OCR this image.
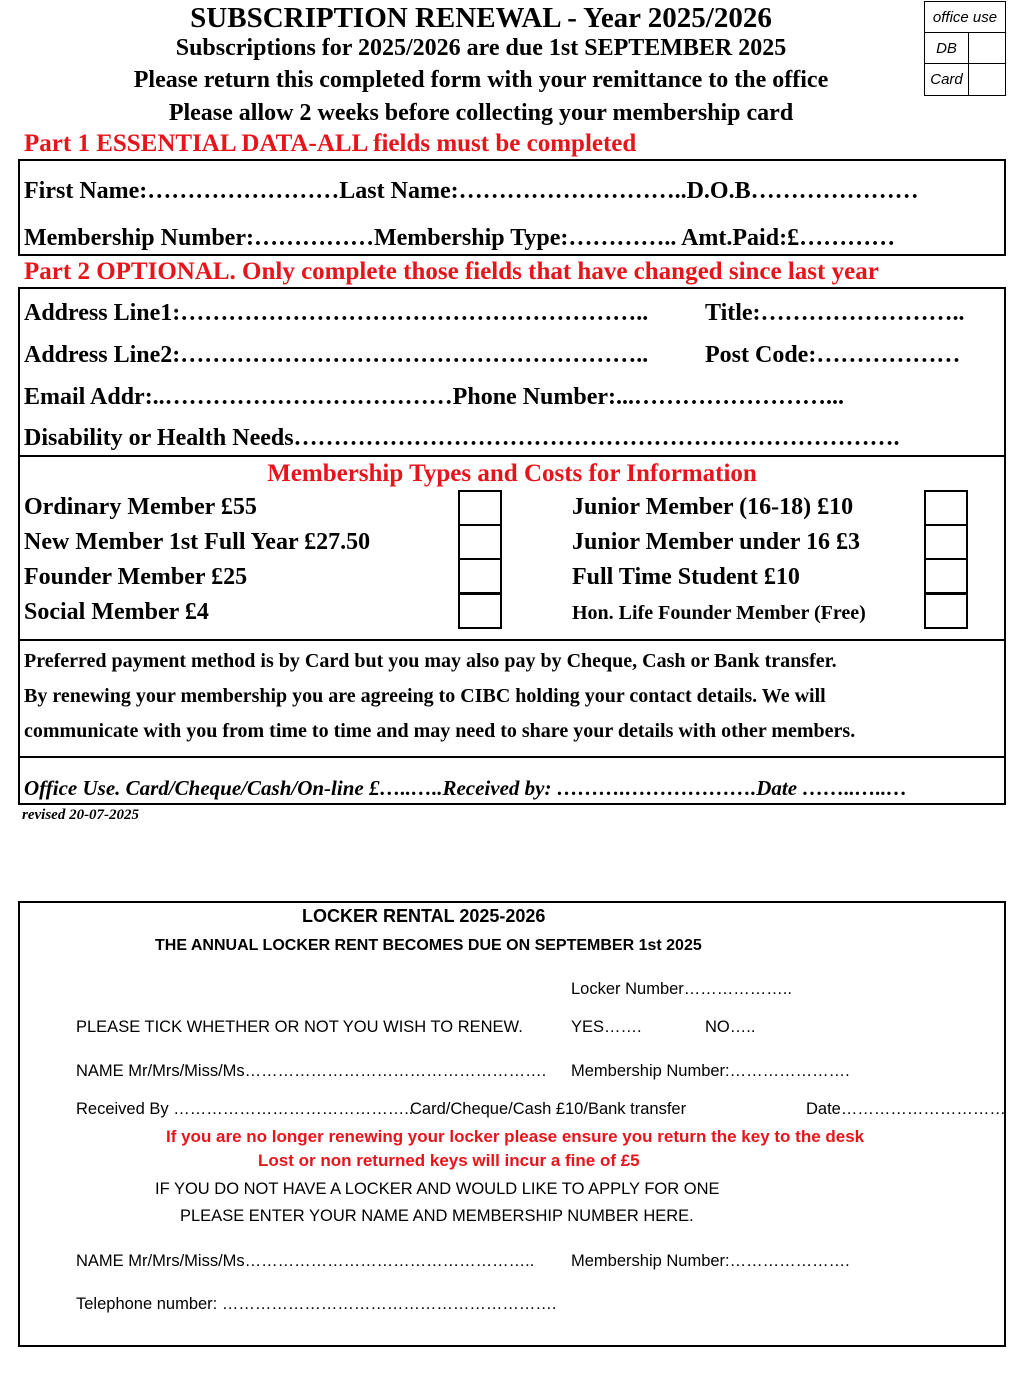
office use
DB
Card
SUBSCRIPTION RENEWAL - Year 2025/2026
Subscriptions for 2025/2026 are due 1st SEPTEMBER 2025
Please return this completed form with your remittance to the office
Please allow 2 weeks before collecting your membership card
Part 1 ESSENTIAL DATA-ALL fields must be completed
First Name:……………………Last Name:………………………..D.O.B…………………
Membership Number:……………Membership Type:………….. Amt.Paid:£…………
Part 2 OPTIONAL. Only complete those fields that have changed since last year
Address Line1:………………………………………………….. Title:……………………..
Address Line2:………………………………………………….. Post Code:………………
Email Addr:..………………………………Phone Number:...……………………...
Disability or Health Needs………………………………………………………………….
Membership Types and Costs for Information
Ordinary Member £55
New Member 1st Full Year £27.50
Founder Member £25
Social Member £4
Junior Member (16-18) £10
Junior Member under 16 £3
Full Time Student £10
Hon. Life Founder Member (Free)
Preferred payment method is by Card but you may also pay by Cheque, Cash or Bank transfer.
By renewing your membership you are agreeing to CIBC holding your contact details. We will
communicate with you from time to time and may need to share your details with other members.
Office Use. Card/Cheque/Cash/On-line £…..…..Received by: ……….……………….Date ……..…..…
revised 20-07-2025
LOCKER RENTAL 2025-2026
THE ANNUAL LOCKER RENT BECOMES DUE ON SEPTEMBER 1st 2025
Locker Number………………..
PLEASE TICK WHETHER OR NOT YOU WISH TO RENEW.	YES…….	NO…..
NAME Mr/Mrs/Miss/Ms………………………………………………. Membership Number:………………….
Received By ……………………………………..
Card/Cheque/Cash £10/Bank transfer	Date…………………………
If you are no longer renewing your locker please ensure you return the key to the desk
Lost or non returned keys will incur a fine of £5
IF YOU DO NOT HAVE A LOCKER AND WOULD LIKE TO APPLY FOR ONE
PLEASE ENTER YOUR NAME AND MEMBERSHIP NUMBER HERE.
NAME Mr/Mrs/Miss/Ms…………………………………………….. Membership Number:………………….
Telephone number: …………………………………………………….
